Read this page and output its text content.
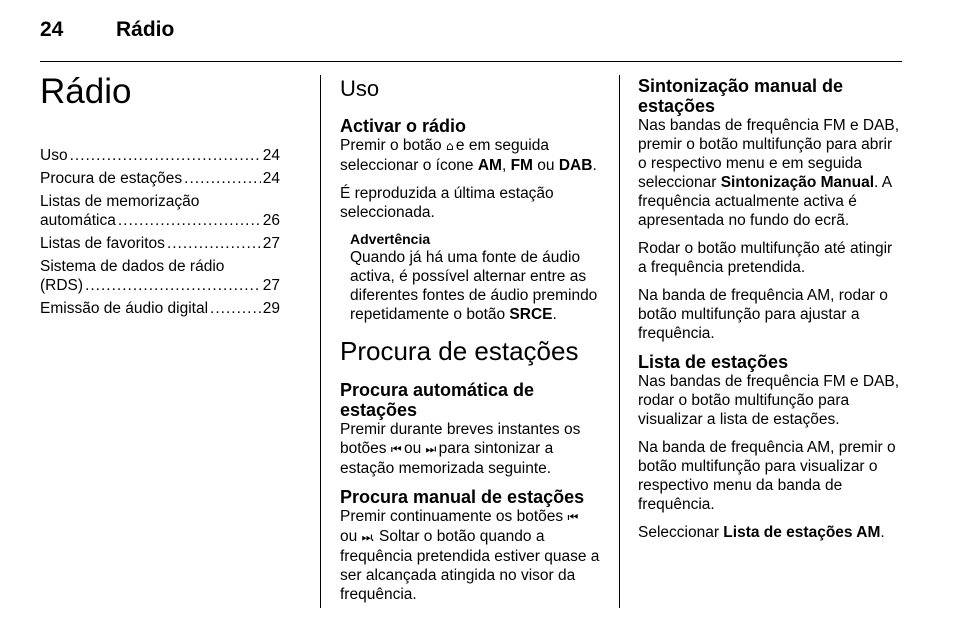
24	Rádio
Rádio
Uso .....	24
Procura de estações .....	24
Listas de memorização
automática .....	26
Listas de favoritos .....	27
Sistema de dados de rádio
(RDS) .....	27
Emissão de áudio digital .....	29
Uso
Activar o rádio

Premir o botão ⌂ e em seguida seleccionar o ícone AM, FM ou DAB.

É reproduzida a última estação seleccionada.

Advertência
Quando já há uma fonte de áudio activa, é possível alternar entre as diferentes fontes de áudio premindo repetidamente o botão SRCE.
Procura de estações
Procura automática de estações

Premir durante breves instantes os botões ⏮ ou ⏭ para sintonizar a estação memorizada seguinte.

Procura manual de estações

Premir continuamente os botões ⏮
ou ⏭. Soltar o botão quando a frequência pretendida estiver quase a ser alcançada atingida no visor da frequência.

Sintonização manual de estações

Nas bandas de frequência FM e DAB, premir o botão multifunção para abrir o respectivo menu e em seguida seleccionar Sintonização Manual. A frequência actualmente activa é apresentada no fundo do ecrã.

Rodar o botão multifunção até atingir a frequência pretendida.

Na banda de frequência AM, rodar o botão multifunção para ajustar a frequência.

Lista de estações

Nas bandas de frequência FM e DAB, rodar o botão multifunção para visualizar a lista de estações.

Na banda de frequência AM, premir o botão multifunção para visualizar o respectivo menu da banda de frequência.

Seleccionar Lista de estações AM.
